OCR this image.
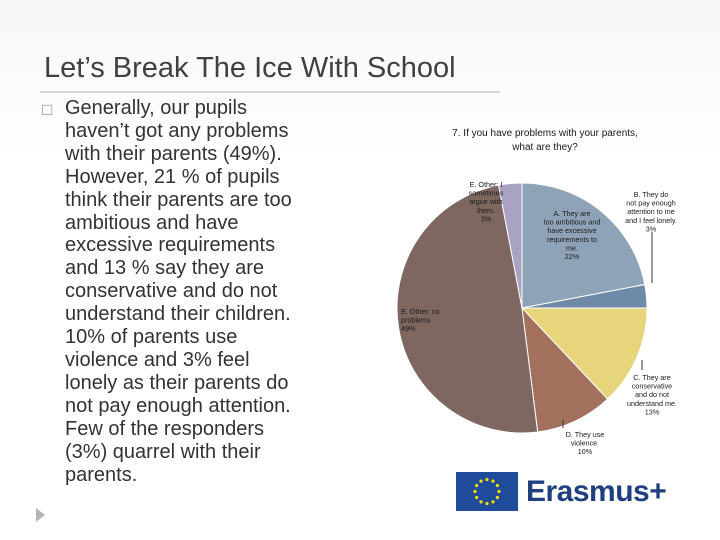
Let’s Break The Ice With School
□ Generally, our pupils
haven’t got any problems
with their parents (49%).
However, 21 % of pupils
think their parents are too
ambitious and have
excessive requirements
and 13 % say they are
conservative and do not
understand their children.
10% of parents use
violence and 3% feel
lonely as their parents do
not pay enough attention.
Few of the responders
(3%) quarrel with their
parents.
7. If you have problems with your parents,
what are they?
A. They are too ambitious and have excessive requirements to me. 22%
B. They do not pay enough attention to me and I feel lonely. 3%
C. They are conservative and do not understand me. 13%
D. They use violence. 10%
E. Other: no problems 49%
E. Other: I sometimes argue with them. 3%
Erasmus+
